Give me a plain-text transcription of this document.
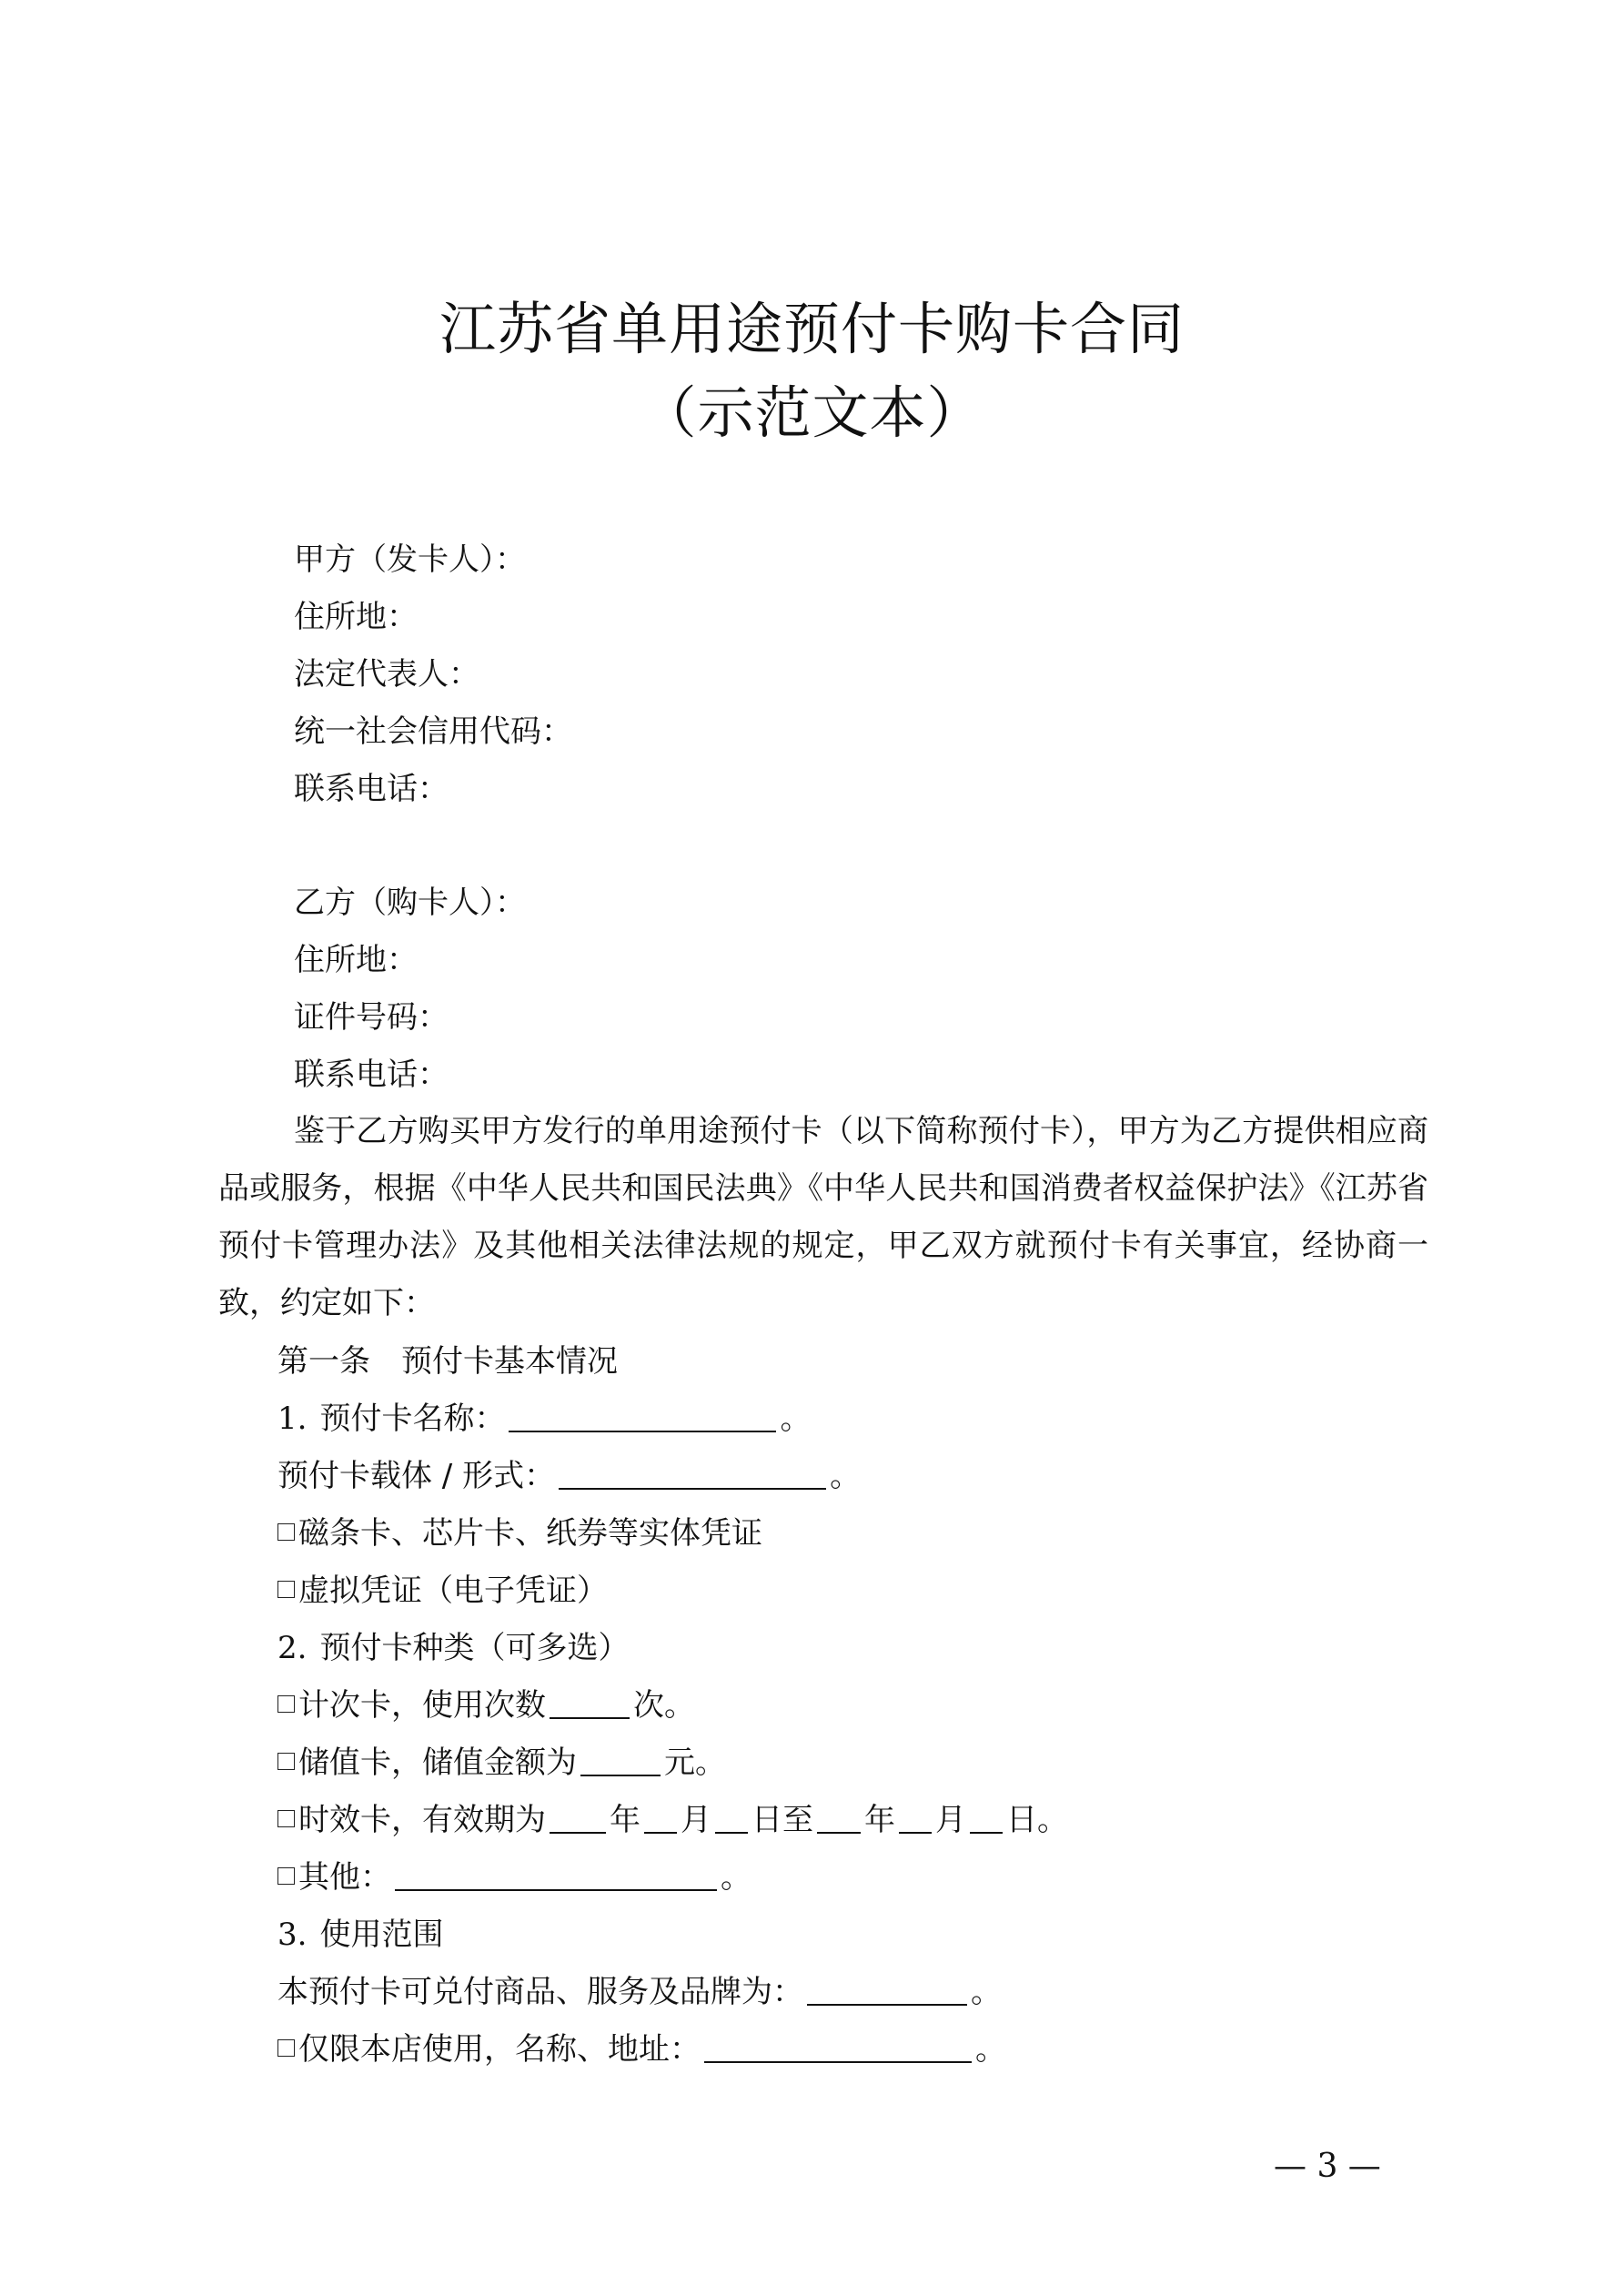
江苏省单用途预付卡购卡合同
（示范文本）
甲方（发卡人）：
住所地：
法定代表人：
统一社会信用代码：
联系电话：
乙方（购卡人）：
住所地：
证件号码：
联系电话：
鉴于乙方购买甲方发行的单用途预付卡（以下简称预付卡），甲方为乙方提供相应商品或服务，根据《中华人民共和国民法典》《中华人民共和国消费者权益保护法》《江苏省预付卡管理办法》及其他相关法律法规的规定，甲乙双方就预付卡有关事宜，经协商一致，约定如下：
第一条 预付卡基本情况
1. 预付卡名称：	。
预付卡载体 / 形式：	。
磁条卡、芯片卡、纸券等实体凭证
虚拟凭证（电子凭证）
2. 预付卡种类（可多选）
计次卡，使用次数	次。
储值卡，储值金额为	元。
时效卡，有效期为 年 月 日至 年 月 日。
其他：	。
3. 使用范围
本预付卡可兑付商品、服务及品牌为：	。
仅限本店使用，名称、地址：	。
— 3 —
